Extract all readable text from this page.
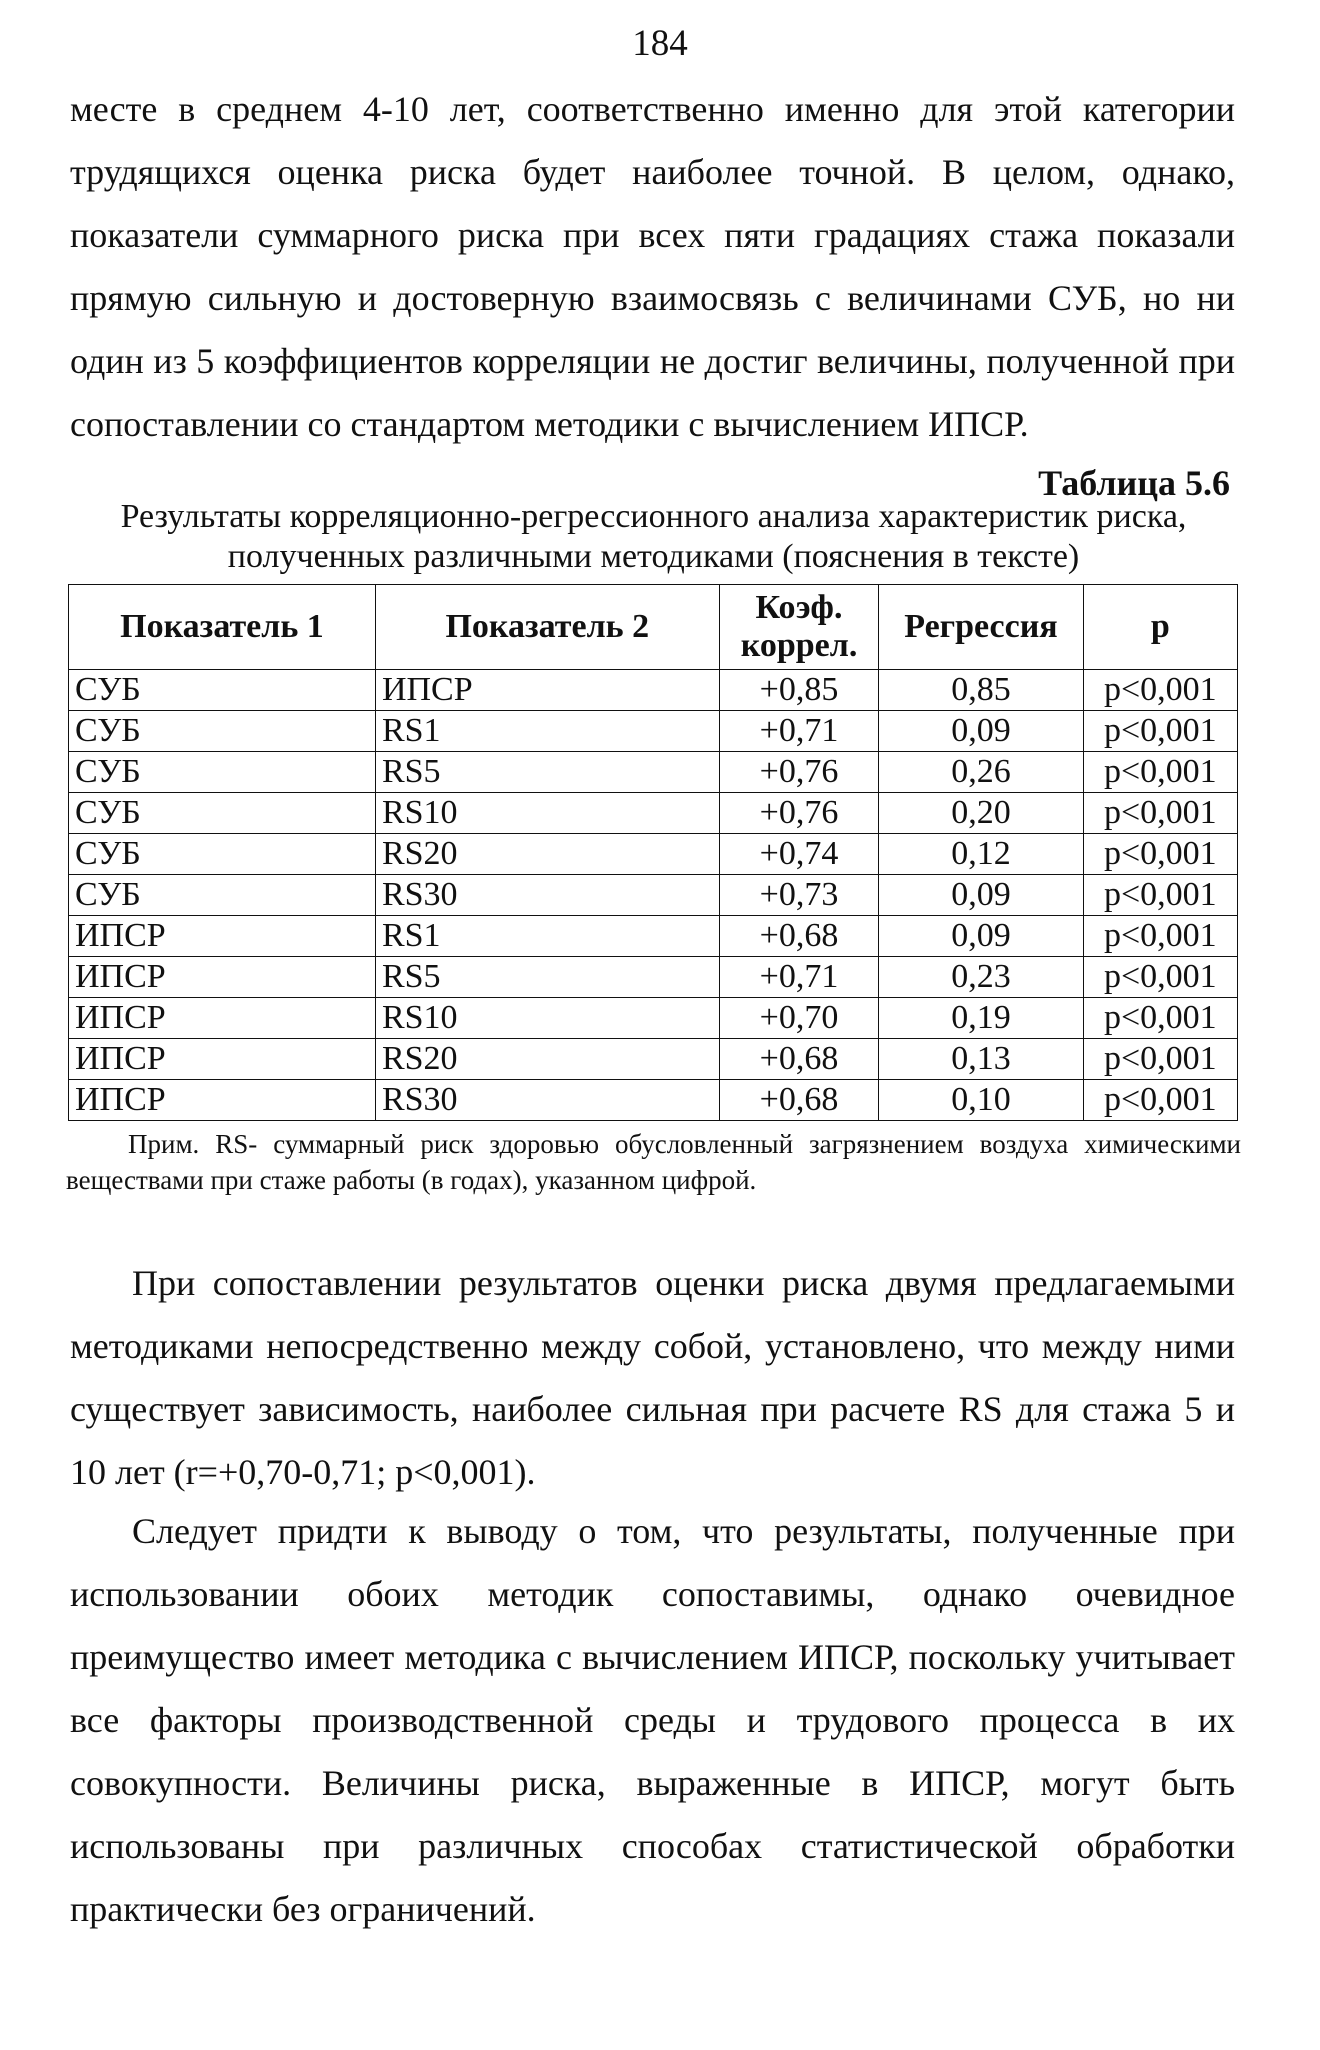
184

месте в среднем 4-10 лет, соответственно именно для этой категории трудящихся оценка риска будет наиболее точной. В целом, однако, показатели суммарного риска при всех пяти градациях стажа показали прямую сильную и достоверную взаимосвязь с величинами СУБ, но ни один из 5 коэффициентов корреляции не достиг величины, полученной при сопоставлении со стандартом методики с вычислением ИПСР.

Таблица 5.6
Результаты корреляционно-регрессионного анализа характеристик риска, полученных различными методиками (пояснения в тексте)
Показатель 1	Показатель 2	Коэф. коррел.	Регрессия	p
СУБ	ИПСР	+0,85	0,85	p<0,001
СУБ	RS1	+0,71	0,09	p<0,001
СУБ	RS5	+0,76	0,26	p<0,001
СУБ	RS10	+0,76	0,20	p<0,001
СУБ	RS20	+0,74	0,12	p<0,001
СУБ	RS30	+0,73	0,09	p<0,001
ИПСР	RS1	+0,68	0,09	p<0,001
ИПСР	RS5	+0,71	0,23	p<0,001
ИПСР	RS10	+0,70	0,19	p<0,001
ИПСР	RS20	+0,68	0,13	p<0,001
ИПСР	RS30	+0,68	0,10	p<0,001

Прим. RS- суммарный риск здоровью обусловленный загрязнением воздуха химическими веществами при стаже работы (в годах), указанном цифрой.

При сопоставлении результатов оценки риска двумя предлагаемыми методиками непосредственно между собой, установлено, что между ними существует зависимость, наиболее сильная при расчете RS для стажа 5 и 10 лет (r=+0,70-0,71; p<0,001).

Следует придти к выводу о том, что результаты, полученные при использовании обоих методик сопоставимы, однако очевидное преимущество имеет методика с вычислением ИПСР, поскольку учитывает все факторы производственной среды и трудового процесса в их совокупности. Величины риска, выраженные в ИПСР, могут быть использованы при различных способах статистической обработки практически без ограничений.
